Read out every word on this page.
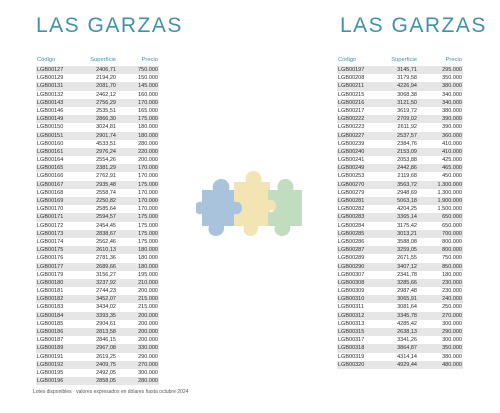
LAS GARZAS	LAS GARZAS
Código	Superficie	Precio
LGB00127	2406,71	750.000
LGB00129	2194,20	150.000
LGB00131	2081,70	145.000
LGB00132	2462,12	160.000
LGB00143	2756,29	170.000
LGB00146	2535,51	165.000
LGB00149	2866,30	175.000
LGB00150	3024,81	180.000
LGB00151	2901,74	180.000
LGB00160	4533,51	280.000
LGB00161	2976,24	220.000
LGB00164	2554,26	200.000
LGB00165	2381,29	170.000
LGB00166	2762,91	170.000
LGB00167	2935,48	175.000
LGB00168	2558,74	170.000
LGB00169	2250,82	170.000
LGB00170	2585,64	170.000
LGB00171	2594,57	175.000
LGB00172	2454,45	175.000
LGB00173	2838,67	175.000
LGB00174	2562,46	175.000
LGB00175	2610,13	180.000
LGB00176	2781,36	180.000
LGB00177	2689,66	180.000
LGB00179	3156,27	195.000
LGB00180	3237,92	210.000
LGB00181	2744,23	200.000
LGB00182	3452,07	215.000
LGB00183	3434,02	215.000
LGB00184	3393,35	200.000
LGB00185	2904,61	200.000
LGB00186	2813,58	200.000
LGB00187	2846,15	200.000
LGB00189	2967,08	330.000
LGB00191	2619,25	290.000
LGB00192	2409,75	270.000
LGB00195	2492,05	300.000
LGB00196	2858,05	280.000
Código	Superficie	Precio
LGB00197	3145,71	295.000
LGB00208	3179,58	350.000
LGB00211	4226,94	380.000
LGB00215	3068,38	340.000
LGB00216	3121,50	340.000
LGB00217	3619,72	380.000
LGB00222	2709,02	390.000
LGB00223	2611,92	390.000
LGB00227	2537,57	360.000
LGB00239	2384,76	410.000
LGB00240	2153,09	410.000
LGB00241	2053,88	425.000
LGB00249	2442,86	465.000
LGB00253	2119,68	450.000
LGB00270	3563,72	1.300.000
LGB00279	2948,69	1.300.000
LGB00281	5063,18	1.900.000
LGB00282	4204,25	1.500.000
LGB00283	3365,14	650.000
LGB00284	3175,42	650.000
LGB00285	3013,21	700.000
LGB00286	3588,08	800.000
LGB00287	3259,05	800.000
LGB00289	2671,55	750.000
LGB00290	3407,12	850.000
LGB00307	2341,78	180.000
LGB00308	3285,66	230.000
LGB00309	2987,48	230.000
LGB00310	3065,91	240.000
LGB00311	3081,64	250.000
LGB00312	3345,78	270.000
LGB00313	4285,42	300.000
LGB00315	2638,13	290.000
LGB00317	3341,26	300.000
LGB00318	3864,87	350.000
LGB00319	4314,14	380.000
LGB00320	4929,44	480.000
Lotes disponibles · valores expresados en dólares hasta octubre 2024
